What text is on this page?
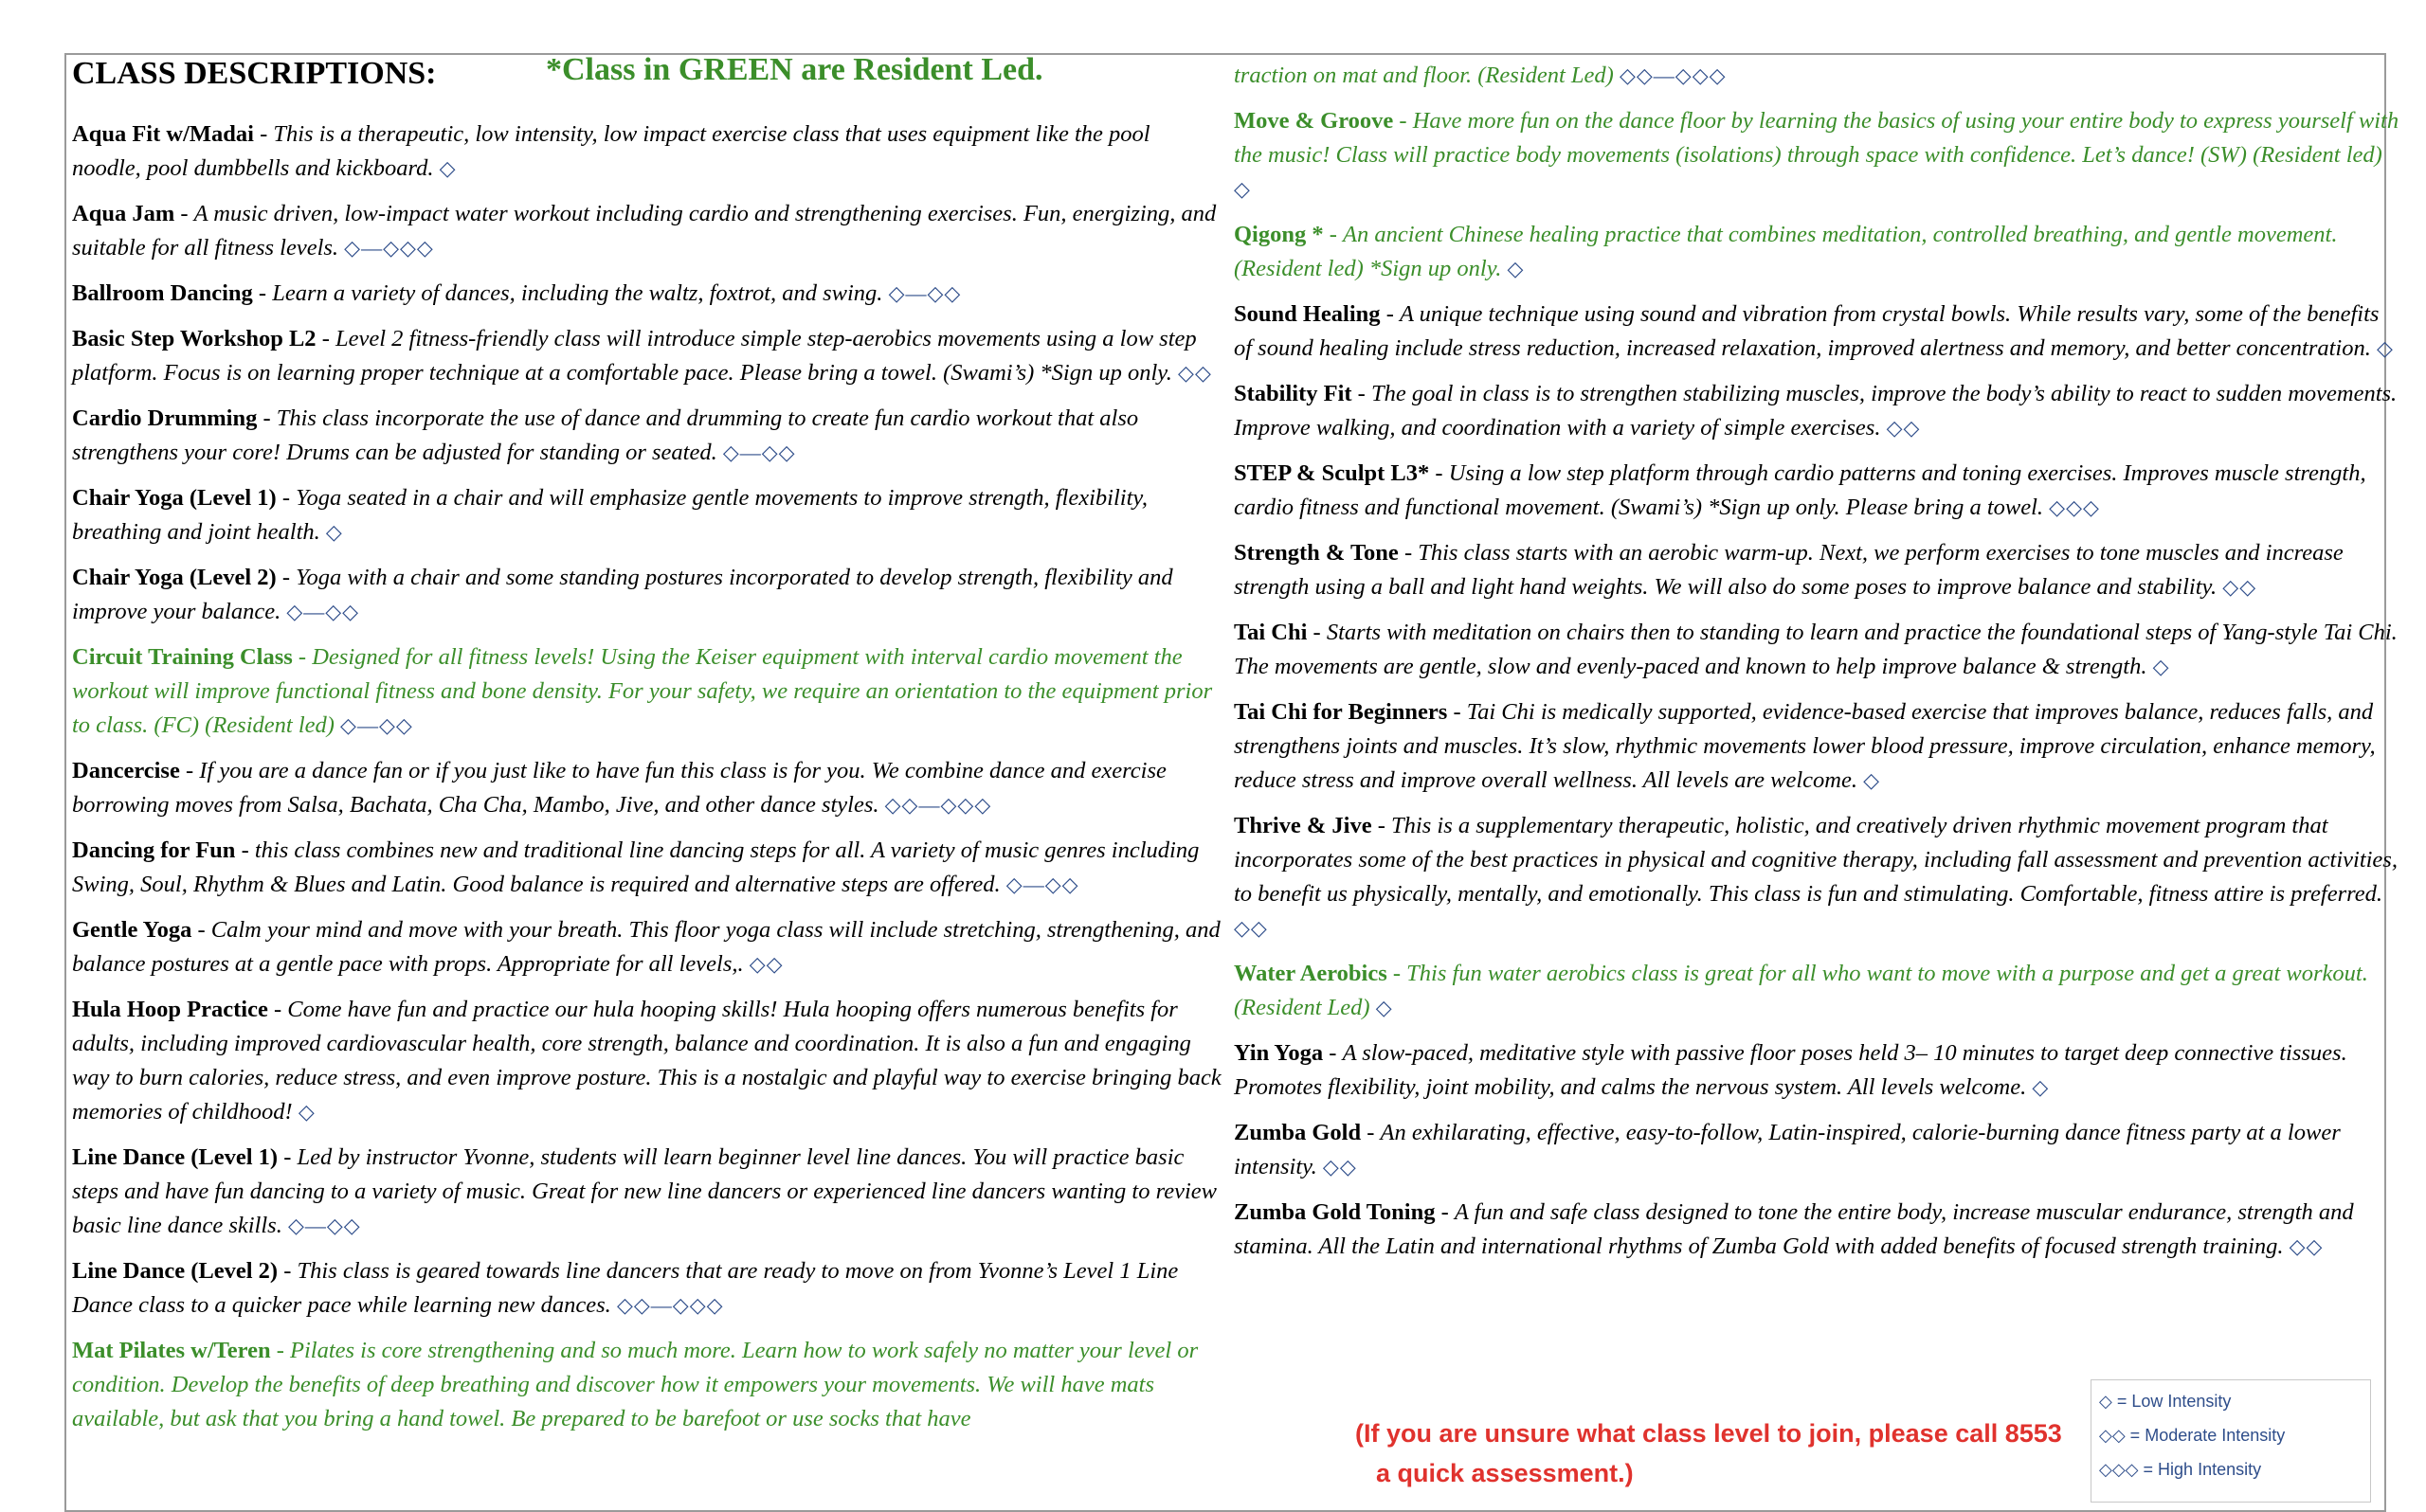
CLASS DESCRIPTIONS:	*Class in GREEN are Resident Led.

Aqua Fit w/Madai - This is a therapeutic, low intensity, low impact exercise class that uses equipment like the pool noodle, pool dumbbells and kickboard. ◇

Aqua Jam - A music driven, low-impact water workout including cardio and strengthening exercises. Fun, energizing, and suitable for all fitness levels. ◇—◇◇◇

Ballroom Dancing - Learn a variety of dances, including the waltz, foxtrot, and swing. ◇—◇◇

Basic Step Workshop L2 - Level 2 fitness-friendly class will introduce simple step-aerobics movements using a low step platform. Focus is on learning proper technique at a comfortable pace. Please bring a towel. (Swami’s) *Sign up only. ◇◇

Cardio Drumming - This class incorporate the use of dance and drumming to create fun cardio workout that also strengthens your core! Drums can be adjusted for standing or seated. ◇—◇◇

Chair Yoga (Level 1) - Yoga seated in a chair and will emphasize gentle movements to improve strength, flexibility, breathing and joint health. ◇

Chair Yoga (Level 2) - Yoga with a chair and some standing postures incorporated to develop strength, flexibility and improve your balance. ◇—◇◇

Circuit Training Class - Designed for all fitness levels! Using the Keiser equipment with interval cardio movement the workout will improve functional fitness and bone density. For your safety, we require an orientation to the equipment prior to class. (FC) (Resident led) ◇—◇◇

Dancercise - If you are a dance fan or if you just like to have fun this class is for you. We combine dance and exercise borrowing moves from Salsa, Bachata, Cha Cha, Mambo, Jive, and other dance styles. ◇◇—◇◇◇

Dancing for Fun - this class combines new and traditional line dancing steps for all. A variety of music genres including Swing, Soul, Rhythm & Blues and Latin. Good balance is required and alternative steps are offered. ◇—◇◇

Gentle Yoga - Calm your mind and move with your breath. This floor yoga class will include stretching, strengthening, and balance postures at a gentle pace with props. Appropriate for all levels,. ◇◇

Hula Hoop Practice - Come have fun and practice our hula hooping skills! Hula hooping offers numerous benefits for adults, including improved cardiovascular health, core strength, balance and coordination. It is also a fun and engaging way to burn calories, reduce stress, and even improve posture. This is a nostalgic and playful way to exercise bringing back memories of childhood! ◇

Line Dance (Level 1) - Led by instructor Yvonne, students will learn beginner level line dances. You will practice basic steps and have fun dancing to a variety of music. Great for new line dancers or experienced line dancers wanting to review basic line dance skills. ◇—◇◇

Line Dance (Level 2) - This class is geared towards line dancers that are ready to move on from Yvonne’s Level 1 Line Dance class to a quicker pace while learning new dances. ◇◇—◇◇◇

Mat Pilates w/Teren - Pilates is core strengthening and so much more. Learn how to work safely no matter your level or condition. Develop the benefits of deep breathing and discover how it empowers your movements. We will have mats available, but ask that you bring a hand towel. Be prepared to be barefoot or use socks that have

traction on mat and floor. (Resident Led) ◇◇—◇◇◇

Move & Groove - Have more fun on the dance floor by learning the basics of using your entire body to express yourself with the music! Class will practice body movements (isolations) through space with confidence. Let’s dance! (SW) (Resident led) ◇

Qigong * - An ancient Chinese healing practice that combines meditation, controlled breathing, and gentle movement. (Resident led) *Sign up only. ◇

Sound Healing - A unique technique using sound and vibration from crystal bowls. While results vary, some of the benefits of sound healing include stress reduction, increased relaxation, improved alertness and memory, and better concentration. ◇

Stability Fit - The goal in class is to strengthen stabilizing muscles, improve the body’s ability to react to sudden movements. Improve walking, and coordination with a variety of simple exercises. ◇◇

STEP & Sculpt L3* - Using a low step platform through cardio patterns and toning exercises. Improves muscle strength, cardio fitness and functional movement. (Swami’s) *Sign up only. Please bring a towel. ◇◇◇

Strength & Tone - This class starts with an aerobic warm-up. Next, we perform exercises to tone muscles and increase strength using a ball and light hand weights. We will also do some poses to improve balance and stability. ◇◇

Tai Chi - Starts with meditation on chairs then to standing to learn and practice the foundational steps of Yang-style Tai Chi. The movements are gentle, slow and evenly-paced and known to help improve balance & strength. ◇

Tai Chi for Beginners - Tai Chi is medically supported, evidence-based exercise that improves balance, reduces falls, and strengthens joints and muscles. It’s slow, rhythmic movements lower blood pressure, improve circulation, enhance memory, reduce stress and improve overall wellness. All levels are welcome. ◇

Thrive & Jive - This is a supplementary therapeutic, holistic, and creatively driven rhythmic movement program that incorporates some of the best practices in physical and cognitive therapy, including fall assessment and prevention activities, to benefit us physically, mentally, and emotionally. This class is fun and stimulating. Comfortable, fitness attire is preferred. ◇◇

Water Aerobics - This fun water aerobics class is great for all who want to move with a purpose and get a great workout. (Resident Led) ◇

Yin Yoga - A slow-paced, meditative style with passive floor poses held 3– 10 minutes to target deep connective tissues. Promotes flexibility, joint mobility, and calms the nervous system. All levels welcome. ◇

Zumba Gold - An exhilarating, effective, easy-to-follow, Latin-inspired, calorie-burning dance fitness party at a lower intensity. ◇◇

Zumba Gold Toning - A fun and safe class designed to tone the entire body, increase muscular endurance, strength and stamina. All the Latin and international rhythms of Zumba Gold with added benefits of focused strength training. ◇◇

(If you are unsure what class level to join, please call 8553
a quick assessment.)
◇ = Low Intensity
◇◇ = Moderate Intensity
◇◇◇ = High Intensity
